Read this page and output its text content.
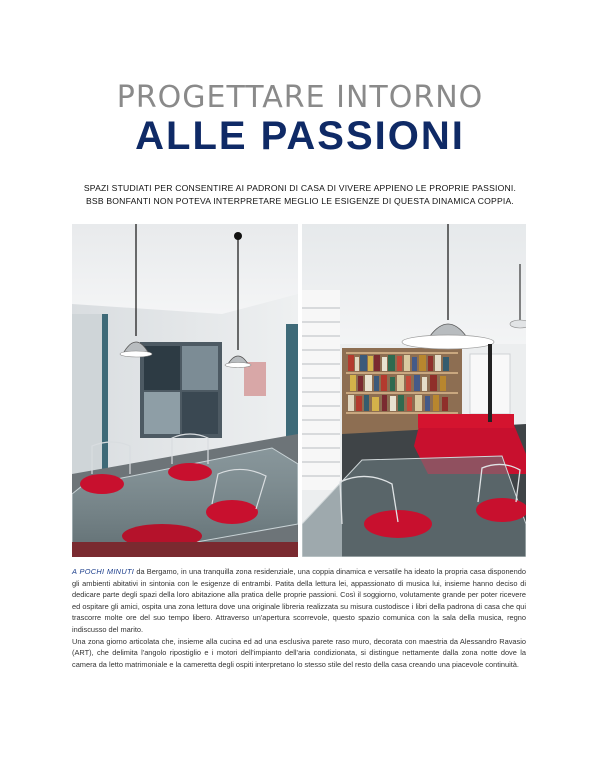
PROGETTARE INTORNO
ALLE PASSIONI
SPAZI STUDIATI PER CONSENTIRE AI PADRONI DI CASA DI VIVERE APPIENO LE PROPRIE PASSIONI.
BSB BONFANTI NON POTEVA INTERPRETARE MEGLIO LE ESIGENZE DI QUESTA DINAMICA COPPIA.

A POCHI MINUTI da Bergamo, in una tranquilla zona residenziale, una coppia dinamica e versatile ha ideato la propria casa disponendo gli ambienti abitativi in sintonia con le esigenze di entrambi. Patita della lettura lei, appassionato di musica lui, insieme hanno deciso di dedicare parte degli spazi della loro abitazione alla pratica delle proprie passioni. Così il soggiorno, volutamente grande per poter ricevere ed ospitare gli amici, ospita una zona lettura dove una originale libreria realizzata su misura custodisce i libri della padrona di casa che qui trascorre molte ore del suo tempo libero. Attraverso un'apertura scorrevole, questo spazio comunica con la sala della musica, regno indiscusso del marito.

Una zona giorno articolata che, insieme alla cucina ed ad una esclusiva parete raso muro, decorata con maestria da Alessandro Ravasio (ART), che delimita l'angolo ripostiglio e i motori dell'impianto dell'aria condizionata, si distingue nettamente dalla zona notte dove la camera da letto matrimoniale e la cameretta degli ospiti interpretano lo stesso stile del resto della casa creando una piacevole continuità.
